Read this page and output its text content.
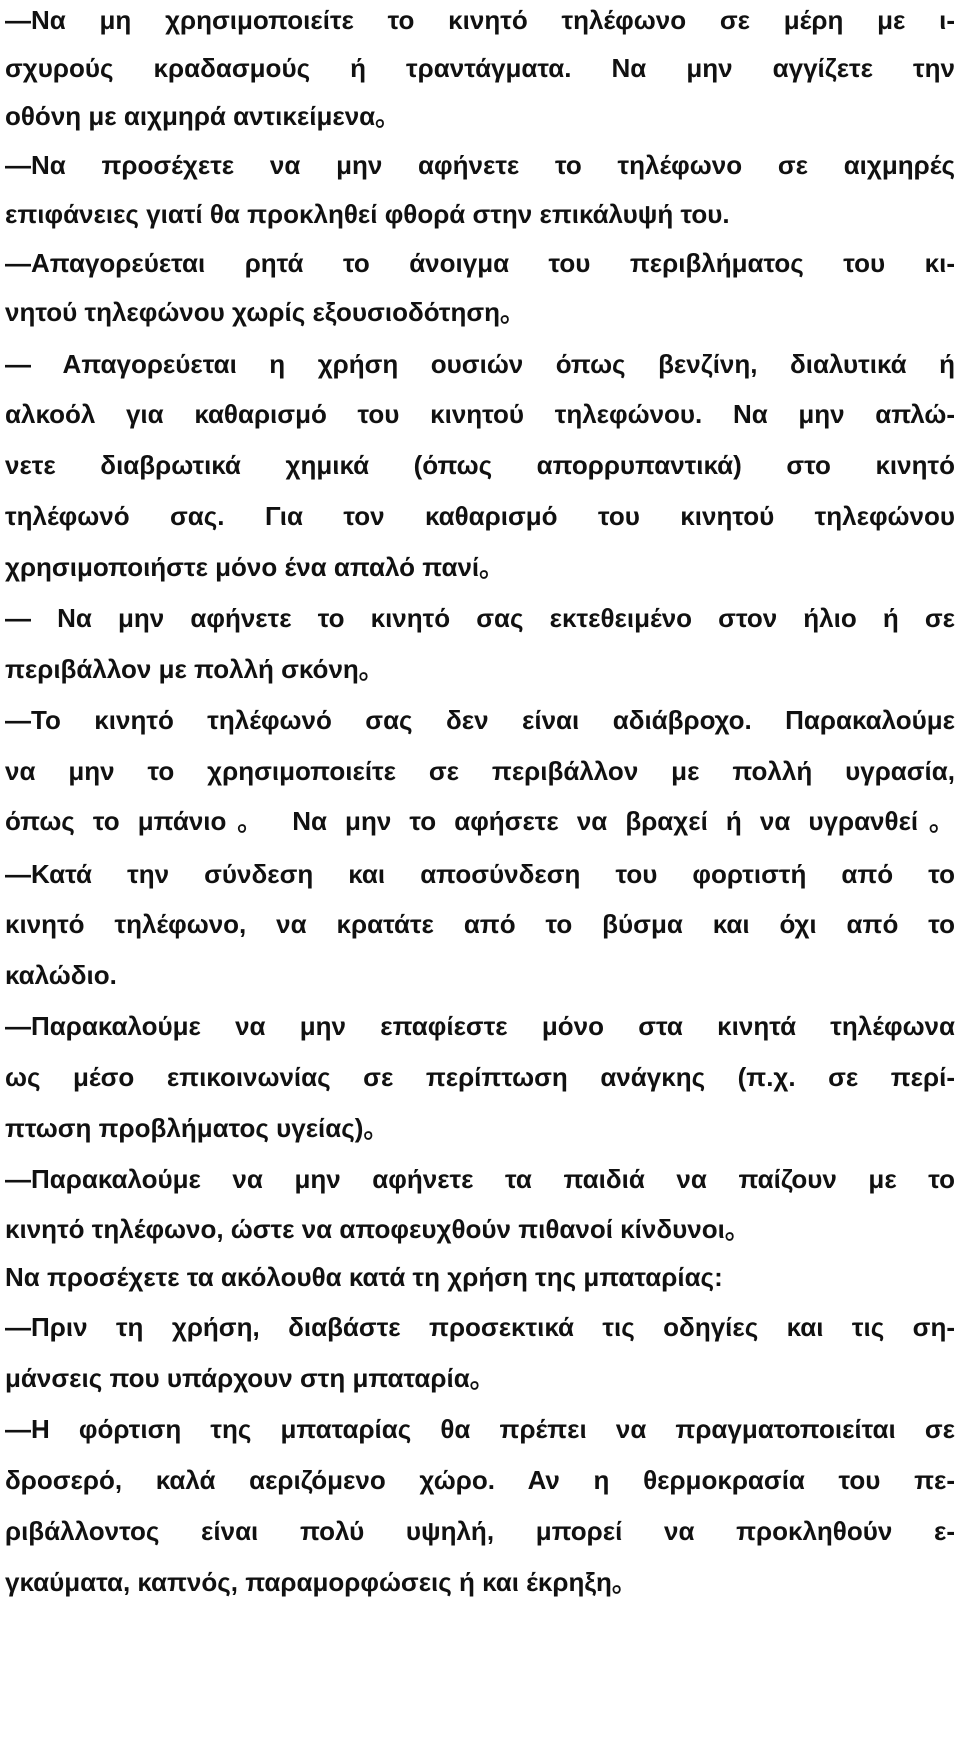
—Να μη χρησιμοποιείτε το κινητό τηλέφωνο σε μέρη με ι-
σχυρούς κραδασμούς ή τραντάγματα. Να μην αγγίζετε την
οθόνη με αιχμηρά αντικείμενα。
—Να προσέχετε να μην αφήνετε το τηλέφωνο σε αιχμηρές
επιφάνειες γιατί θα προκληθεί φθορά στην επικάλυψή του.
—Απαγορεύεται ρητά το άνοιγμα του περιβλήματος του κι-
νητού τηλεφώνου χωρίς εξουσιοδότηση。
— Απαγορεύεται η χρήση ουσιών όπως βενζίνη, διαλυτικά ή
αλκοόλ για καθαρισμό του κινητού τηλεφώνου. Να μην απλώ-
νετε διαβρωτικά χημικά (όπως απορρυπαντικά) στο κινητό
τηλέφωνό σας. Για τον καθαρισμό του κινητού τηλεφώνου
χρησιμοποιήστε μόνο ένα απαλό πανί。
— Να μην αφήνετε το κινητό σας εκτεθειμένο στον ήλιο ή σε
περιβάλλον με πολλή σκόνη。
—Το κινητό τηλέφωνό σας δεν είναι αδιάβροχο. Παρακαλούμε
να μην το χρησιμοποιείτε σε περιβάλλον με πολλή υγρασία,
όπως το μπάνιο。 Να μην το αφήσετε να βραχεί ή να υγρανθεί。
—Κατά την σύνδεση και αποσύνδεση του φορτιστή από το
κινητό τηλέφωνο, να κρατάτε από το βύσμα και όχι από το
καλώδιο.
—Παρακαλούμε να μην επαφίεστε μόνο στα κινητά τηλέφωνα
ως μέσο επικοινωνίας σε περίπτωση ανάγκης (π.χ. σε περί-
πτωση προβλήματος υγείας)。
—Παρακαλούμε να μην αφήνετε τα παιδιά να παίζουν με το
κινητό τηλέφωνο, ώστε να αποφευχθούν πιθανοί κίνδυνοι。
Να προσέχετε τα ακόλουθα κατά τη χρήση της μπαταρίας:
—Πριν τη χρήση, διαβάστε προσεκτικά τις οδηγίες και τις ση-
μάνσεις που υπάρχουν στη μπαταρία。
—Η φόρτιση της μπαταρίας θα πρέπει να πραγματοποιείται σε
δροσερό, καλά αεριζόμενο χώρο. Αν η θερμοκρασία του πε-
ριβάλλοντος είναι πολύ υψηλή, μπορεί να προκληθούν ε-
γκαύματα, καπνός, παραμορφώσεις ή και έκρηξη。
